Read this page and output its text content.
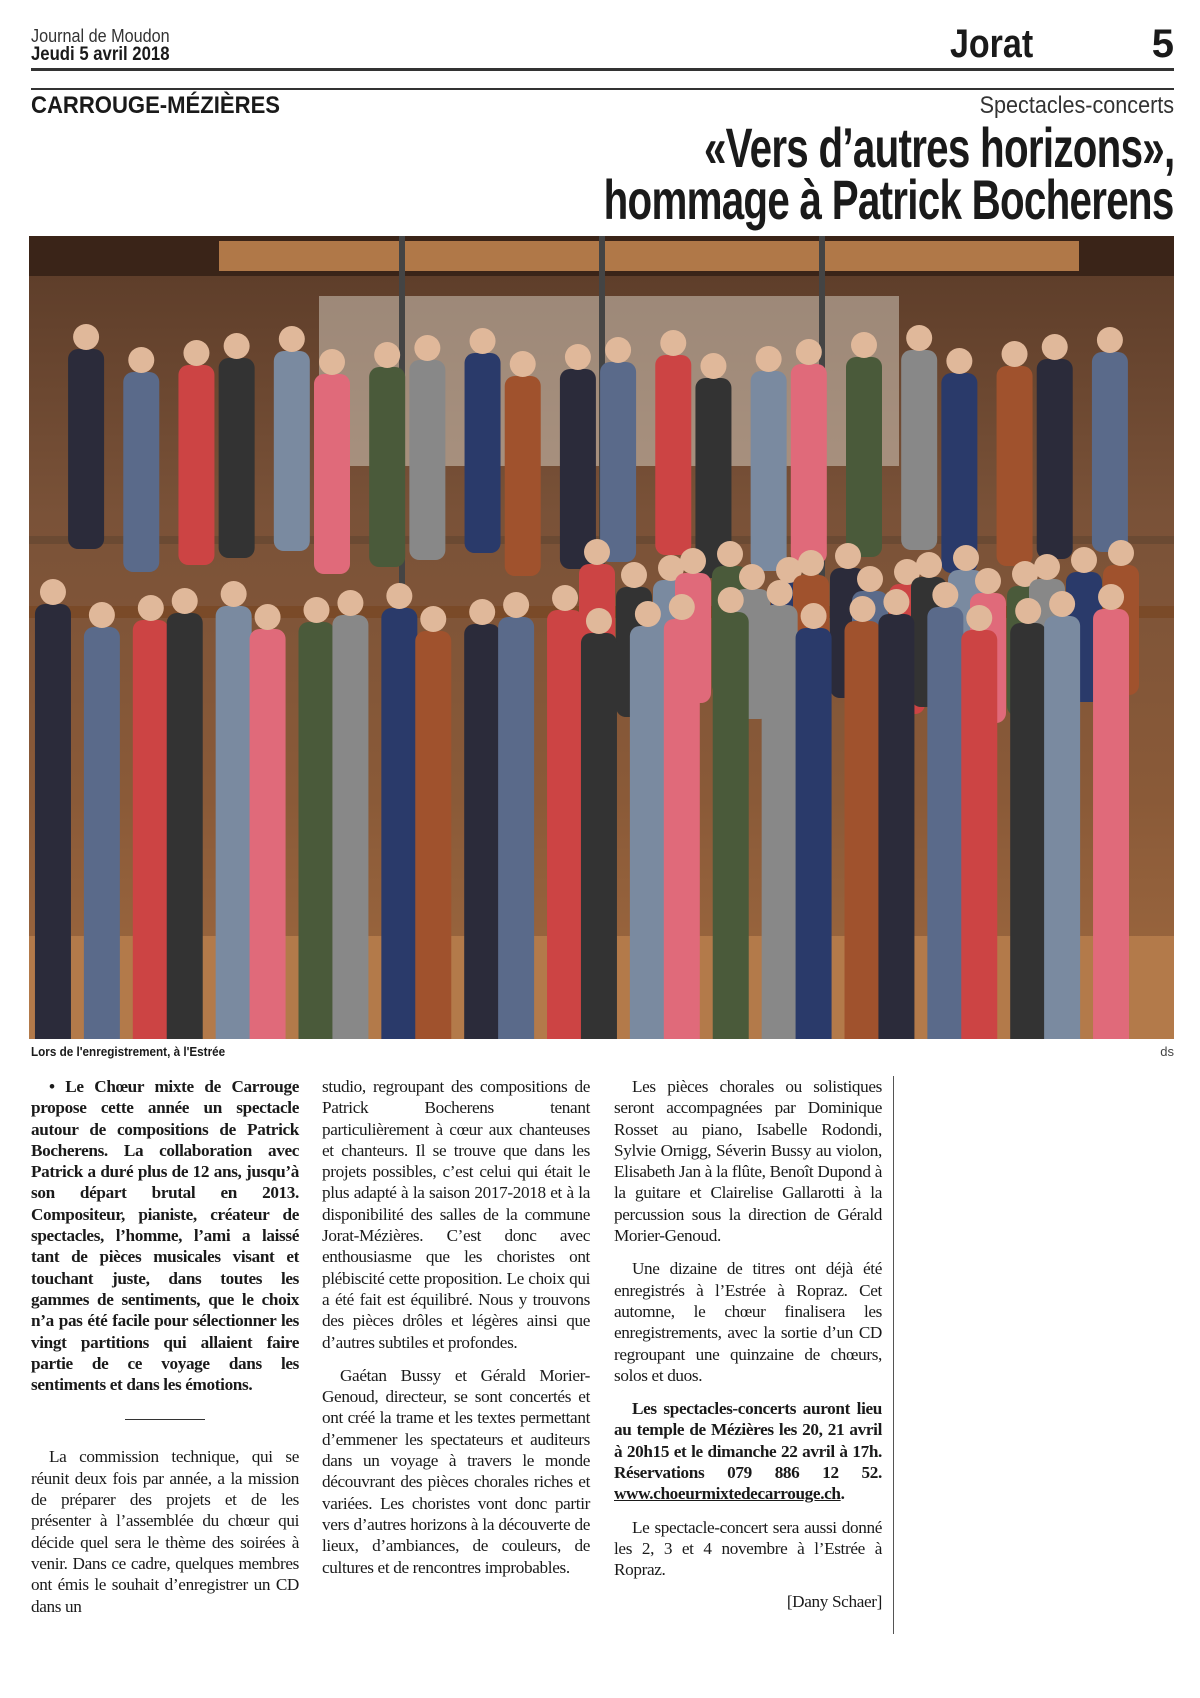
Journal de Moudon
Jeudi 5 avril 2018	Jorat	5
CARROUGE-MÉZIÈRES	Spectacles-concerts
«Vers d’autres horizons»,
hommage à Patrick Bocherens
Lors de l'enregistrement, à l'Estrée	ds

• Le Chœur mixte de Carrouge propose cette année un spectacle autour de compositions de Patrick Bocherens. La collaboration avec Patrick a duré plus de 12 ans, jusqu’à son départ brutal en 2013. Compositeur, pianiste, créateur de spectacles, l’homme, l’ami a laissé tant de pièces musicales visant et touchant juste, dans toutes les gammes de sentiments, que le choix n’a pas été facile pour sélectionner les vingt partitions qui allaient faire partie de ce voyage dans les sentiments et dans les émotions.

La commission technique, qui se réunit deux fois par année, a la mission de préparer des projets et de les présenter à l’assemblée du chœur qui décide quel sera le thème des soirées à venir. Dans ce cadre, quelques membres ont émis le souhait d’enregistrer un CD dans un

studio, regroupant des compositions de Patrick Bocherens tenant particulièrement à cœur aux chanteuses et chanteurs. Il se trouve que dans les projets possibles, c’est celui qui était le plus adapté à la saison 2017-2018 et à la disponibilité des salles de la commune Jorat-Mézières. C’est donc avec enthousiasme que les choristes ont plébiscité cette proposition. Le choix qui a été fait est équilibré. Nous y trouvons des pièces drôles et légères ainsi que d’autres subtiles et profondes.

Gaétan Bussy et Gérald Morier-Genoud, directeur, se sont concertés et ont créé la trame et les textes permettant d’emmener les spectateurs et auditeurs dans un voyage à travers le monde découvrant des pièces chorales riches et variées. Les choristes vont donc partir vers d’autres horizons à la découverte de lieux, d’ambiances, de couleurs, de cultures et de rencontres improbables.

Les pièces chorales ou solistiques seront accompagnées par Dominique Rosset au piano, Isabelle Rodondi, Sylvie Ornigg, Séverin Bussy au violon, Elisabeth Jan à la flûte, Benoît Dupond à la guitare et Clairelise Gallarotti à la percussion sous la direction de Gérald Morier-Genoud.

Une dizaine de titres ont déjà été enregistrés à l’Estrée à Ropraz. Cet automne, le chœur finalisera les enregistrements, avec la sortie d’un CD regroupant une quinzaine de chœurs, solos et duos.

Les spectacles-concerts auront lieu au temple de Mézières les 20, 21 avril à 20h15 et le dimanche 22 avril à 17h. Réservations 079 886 12 52. www.choeurmixtedecarrouge.ch.

Le spectacle-concert sera aussi donné les 2, 3 et 4 novembre à l’Estrée à Ropraz.

[Dany Schaer]
